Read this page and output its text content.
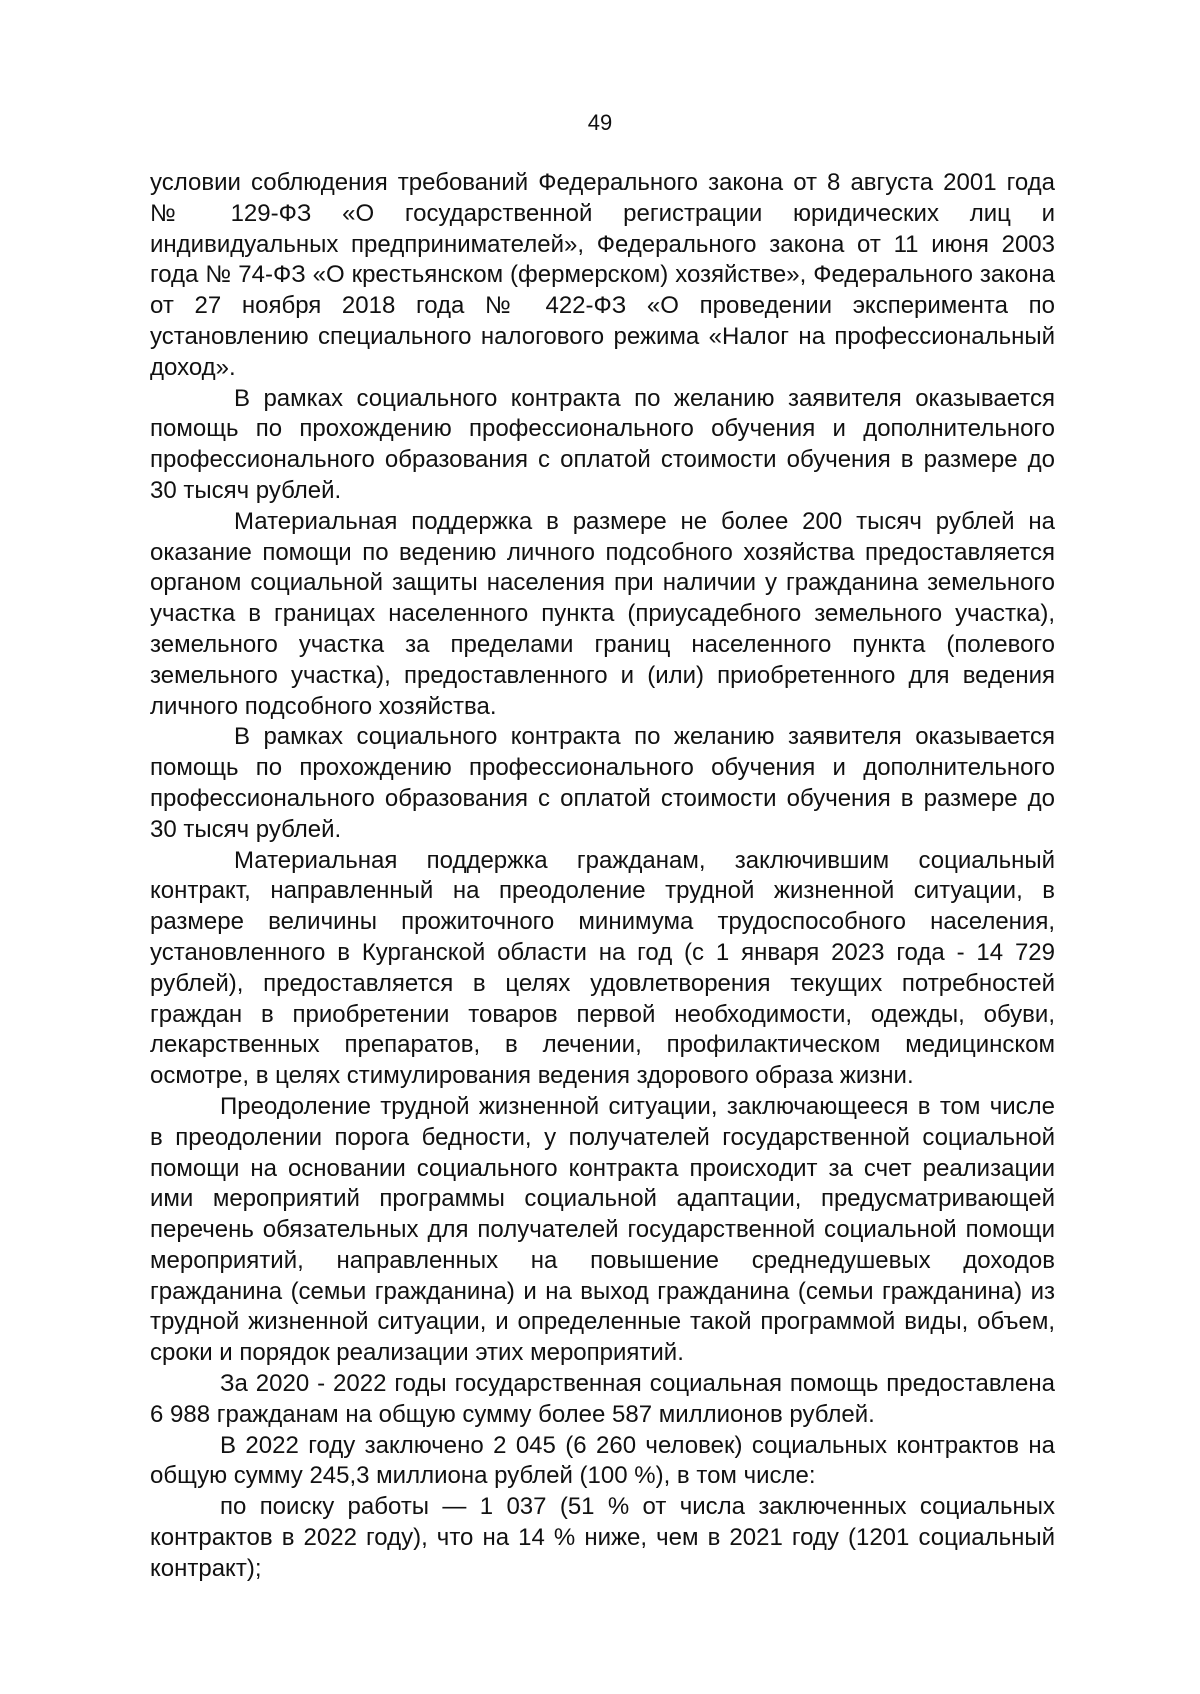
49

условии соблюдения требований Федерального закона от 8 августа 2001 года № 129-ФЗ «О государственной регистрации юридических лиц и индивидуальных предпринимателей», Федерального закона от 11 июня 2003 года № 74-ФЗ «О крестьянском (фермерском) хозяйстве», Федерального закона от 27 ноября 2018 года № 422-ФЗ «О проведении эксперимента по установлению специального налогового режима «Налог на профессиональный доход».

В рамках социального контракта по желанию заявителя оказывается помощь по прохождению профессионального обучения и дополнительного профессионального образования с оплатой стоимости обучения в размере до 30 тысяч рублей.

Материальная поддержка в размере не более 200 тысяч рублей на оказание помощи по ведению личного подсобного хозяйства предоставляется органом социальной защиты населения при наличии у гражданина земельного участка в границах населенного пункта (приусадебного земельного участка), земельного участка за пределами границ населенного пункта (полевого земельного участка), предоставленного и (или) приобретенного для ведения личного подсобного хозяйства.

В рамках социального контракта по желанию заявителя оказывается помощь по прохождению профессионального обучения и дополнительного профессионального образования с оплатой стоимости обучения в размере до 30 тысяч рублей.

Материальная поддержка гражданам, заключившим социальный контракт, направленный на преодоление трудной жизненной ситуации, в размере величины прожиточного минимума трудоспособного населения, установленного в Курганской области на год (с 1 января 2023 года - 14 729 рублей), предоставляется в целях удовлетворения текущих потребностей граждан в приобретении товаров первой необходимости, одежды, обуви, лекарственных препаратов, в лечении, профилактическом медицинском осмотре, в целях стимулирования ведения здорового образа жизни.

Преодоление трудной жизненной ситуации, заключающееся в том числе в преодолении порога бедности, у получателей государственной социальной помощи на основании социального контракта происходит за счет реализации ими мероприятий программы социальной адаптации, предусматривающей перечень обязательных для получателей государственной социальной помощи мероприятий, направленных на повышение среднедушевых доходов гражданина (семьи гражданина) и на выход гражданина (семьи гражданина) из трудной жизненной ситуации, и определенные такой программой виды, объем, сроки и порядок реализации этих мероприятий.

За 2020 - 2022 годы государственная социальная помощь предоставлена 6 988 гражданам на общую сумму более 587 миллионов рублей.

В 2022 году заключено 2 045 (6 260 человек) социальных контрактов на общую сумму 245,3 миллиона рублей (100 %), в том числе:

по поиску работы — 1 037 (51 % от числа заключенных социальных контрактов в 2022 году), что на 14 % ниже, чем в 2021 году (1201 социальный контракт);
